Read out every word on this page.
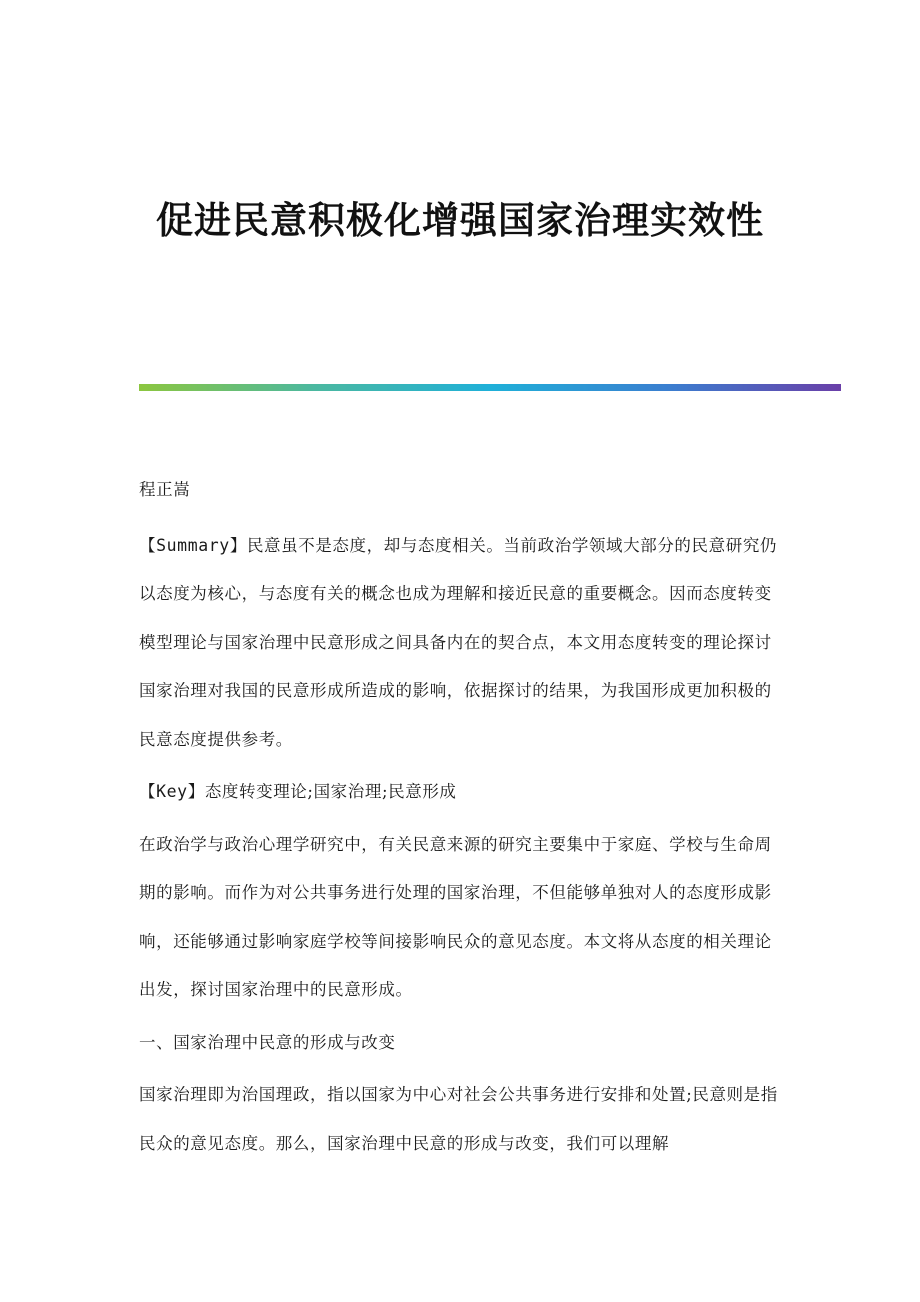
促进民意积极化增强国家治理实效性

程正嵩

【Summary】民意虽不是态度，却与态度相关。当前政治学领域大部分的民意研究仍以态度为核心，与态度有关的概念也成为理解和接近民意的重要概念。因而态度转变模型理论与国家治理中民意形成之间具备内在的契合点，本文用态度转变的理论探讨国家治理对我国的民意形成所造成的影响，依据探讨的结果，为我国形成更加积极的民意态度提供参考。

【Key】态度转变理论;国家治理;民意形成

在政治学与政治心理学研究中，有关民意来源的研究主要集中于家庭、学校与生命周期的影响。而作为对公共事务进行处理的国家治理，不但能够单独对人的态度形成影响，还能够通过影响家庭学校等间接影响民众的意见态度。本文将从态度的相关理论出发，探讨国家治理中的民意形成。

一、国家治理中民意的形成与改变

国家治理即为治国理政，指以国家为中心对社会公共事务进行安排和处置;民意则是指民众的意见态度。那么，国家治理中民意的形成与改变，我们可以理解
